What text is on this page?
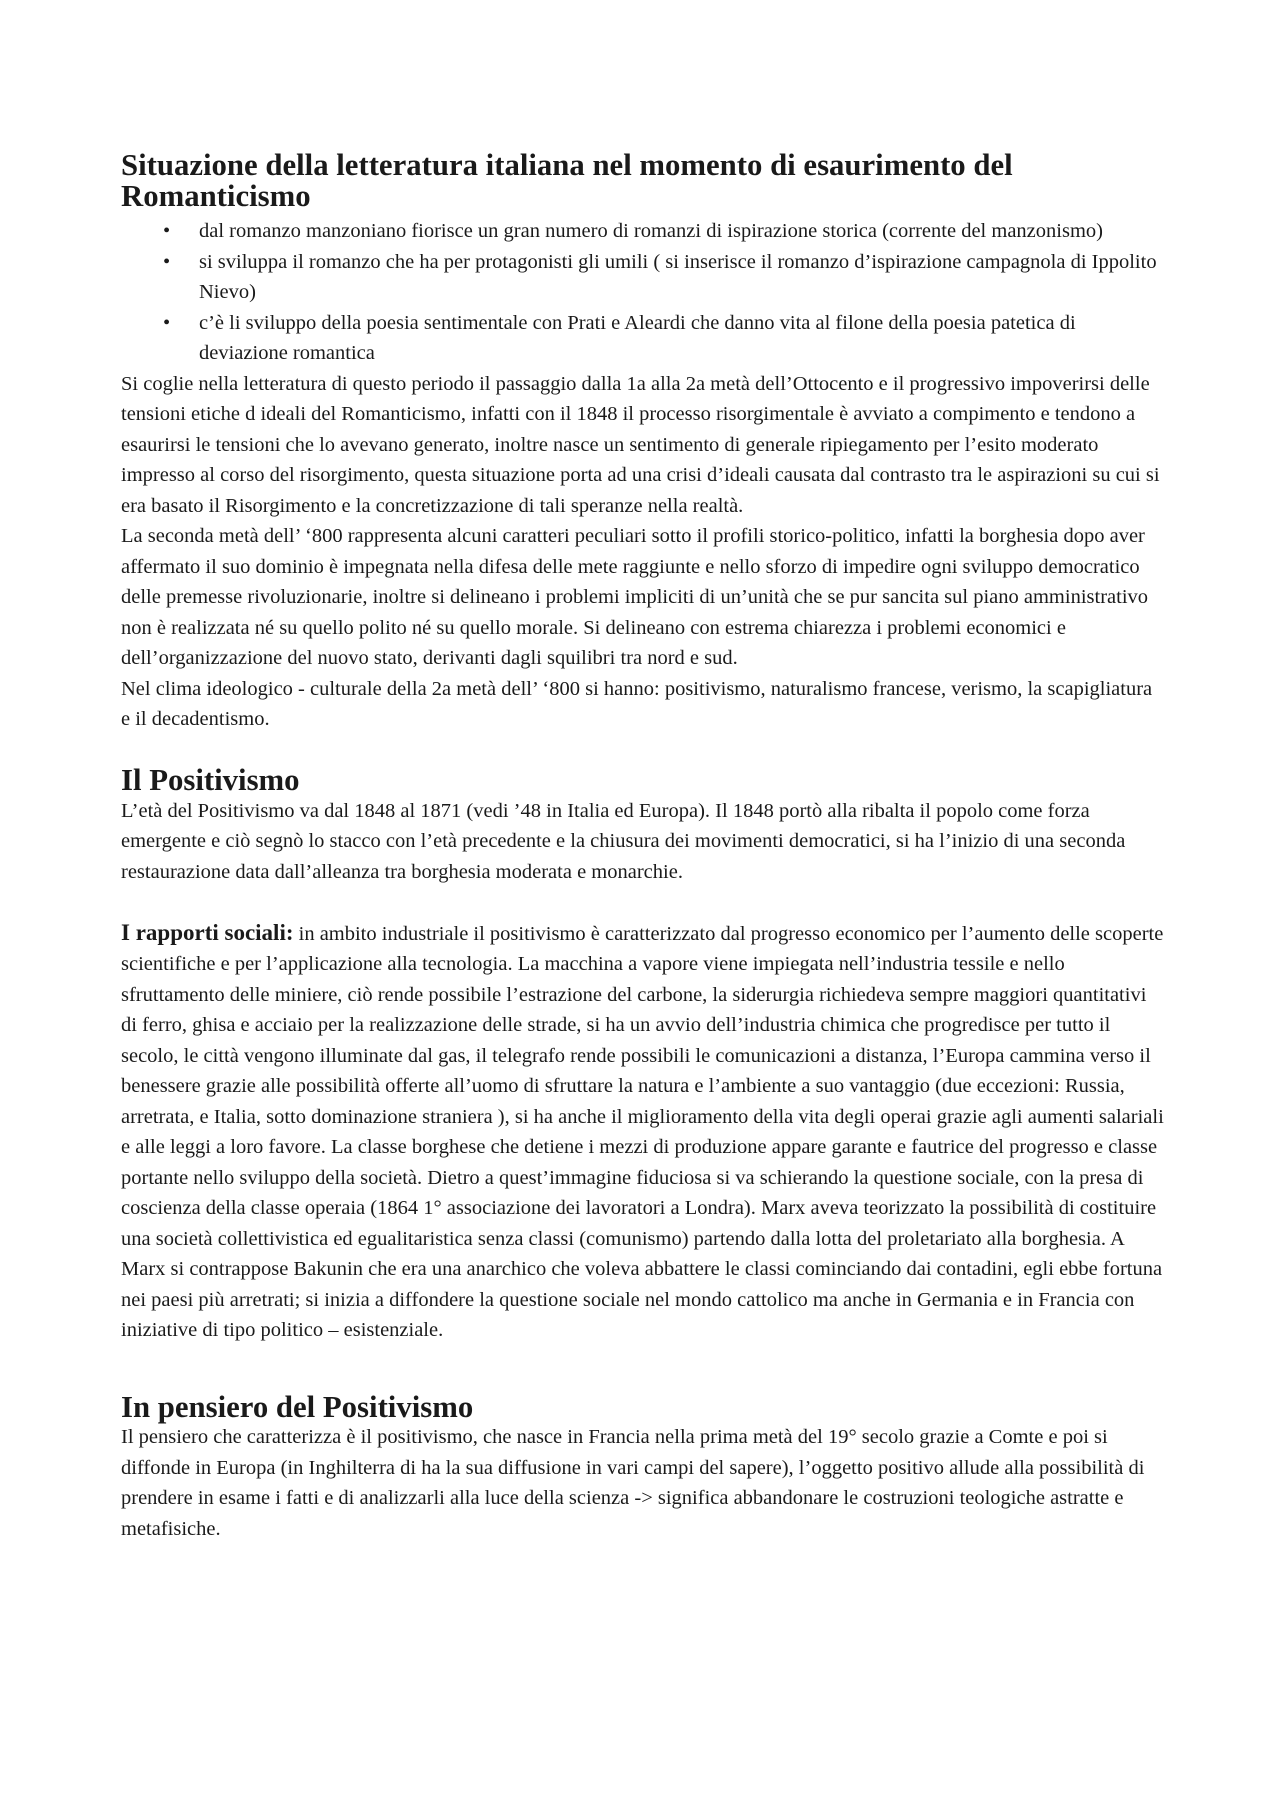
Situazione della letteratura italiana nel momento di esaurimento del Romanticismo
• dal romanzo manzoniano fiorisce un gran numero di romanzi di ispirazione storica (corrente del manzonismo)
• si sviluppa il romanzo che ha per protagonisti gli umili ( si inserisce il romanzo d’ispirazione campagnola di Ippolito Nievo)
• c’è li sviluppo della poesia sentimentale con Prati e Aleardi che danno vita al filone della poesia patetica di deviazione romantica

Si coglie nella letteratura di questo periodo il passaggio dalla 1a alla 2a metà dell’Ottocento e il progressivo impoverirsi delle tensioni etiche d ideali del Romanticismo, infatti con il 1848 il processo risorgimentale è avviato a compimento e tendono a esaurirsi le tensioni che lo avevano generato, inoltre nasce un sentimento di generale ripiegamento per l’esito moderato impresso al corso del risorgimento, questa situazione porta ad una crisi d’ideali causata dal contrasto tra le aspirazioni su cui si era basato il Risorgimento e la concretizzazione di tali speranze nella realtà.

La seconda metà dell’ ‘800 rappresenta alcuni caratteri peculiari sotto il profili storico-politico, infatti la borghesia dopo aver affermato il suo dominio è impegnata nella difesa delle mete raggiunte e nello sforzo di impedire ogni sviluppo democratico delle premesse rivoluzionarie, inoltre si delineano i problemi impliciti di un’unità che se pur sancita sul piano amministrativo non è realizzata né su quello polito né su quello morale. Si delineano con estrema chiarezza i problemi economici e dell’organizzazione del nuovo stato, derivanti dagli squilibri tra nord e sud.

Nel clima ideologico - culturale della 2a metà dell’ ‘800 si hanno: positivismo, naturalismo francese, verismo, la scapigliatura e il decadentismo.

Il Positivismo

L’età del Positivismo va dal 1848 al 1871 (vedi ’48 in Italia ed Europa). Il 1848 portò alla ribalta il popolo come forza emergente e ciò segnò lo stacco con l’età precedente e la chiusura dei movimenti democratici, si ha l’inizio di una seconda restaurazione data dall’alleanza tra borghesia moderata e monarchie.

I rapporti sociali: in ambito industriale il positivismo è caratterizzato dal progresso economico per l’aumento delle scoperte scientifiche e per l’applicazione alla tecnologia. La macchina a vapore viene impiegata nell’industria tessile e nello sfruttamento delle miniere, ciò rende possibile l’estrazione del carbone, la siderurgia richiedeva sempre maggiori quantitativi di ferro, ghisa e acciaio per la realizzazione delle strade, si ha un avvio dell’industria chimica che progredisce per tutto il secolo, le città vengono illuminate dal gas, il telegrafo rende possibili le comunicazioni a distanza, l’Europa cammina verso il benessere grazie alle possibilità offerte all’uomo di sfruttare la natura e l’ambiente a suo vantaggio (due eccezioni: Russia, arretrata, e Italia, sotto dominazione straniera ), si ha anche il miglioramento della vita degli operai grazie agli aumenti salariali e alle leggi a loro favore. La classe borghese che detiene i mezzi di produzione appare garante e fautrice del progresso e classe portante nello sviluppo della società. Dietro a quest’immagine fiduciosa si va schierando la questione sociale, con la presa di coscienza della classe operaia (1864 1° associazione dei lavoratori a Londra). Marx aveva teorizzato la possibilità di costituire una società collettivistica ed egualitaristica senza classi (comunismo) partendo dalla lotta del proletariato alla borghesia. A Marx si contrappose Bakunin che era una anarchico che voleva abbattere le classi cominciando dai contadini, egli ebbe fortuna nei paesi più arretrati; si inizia a diffondere la questione sociale nel mondo cattolico ma anche in Germania e in Francia con iniziative di tipo politico – esistenziale.

In pensiero del Positivismo

Il pensiero che caratterizza è il positivismo, che nasce in Francia nella prima metà del 19° secolo grazie a Comte e poi si diffonde in Europa (in Inghilterra di ha la sua diffusione in vari campi del sapere), l’oggetto positivo allude alla possibilità di prendere in esame i fatti e di analizzarli alla luce della scienza -> significa abbandonare le costruzioni teologiche astratte e metafisiche.
